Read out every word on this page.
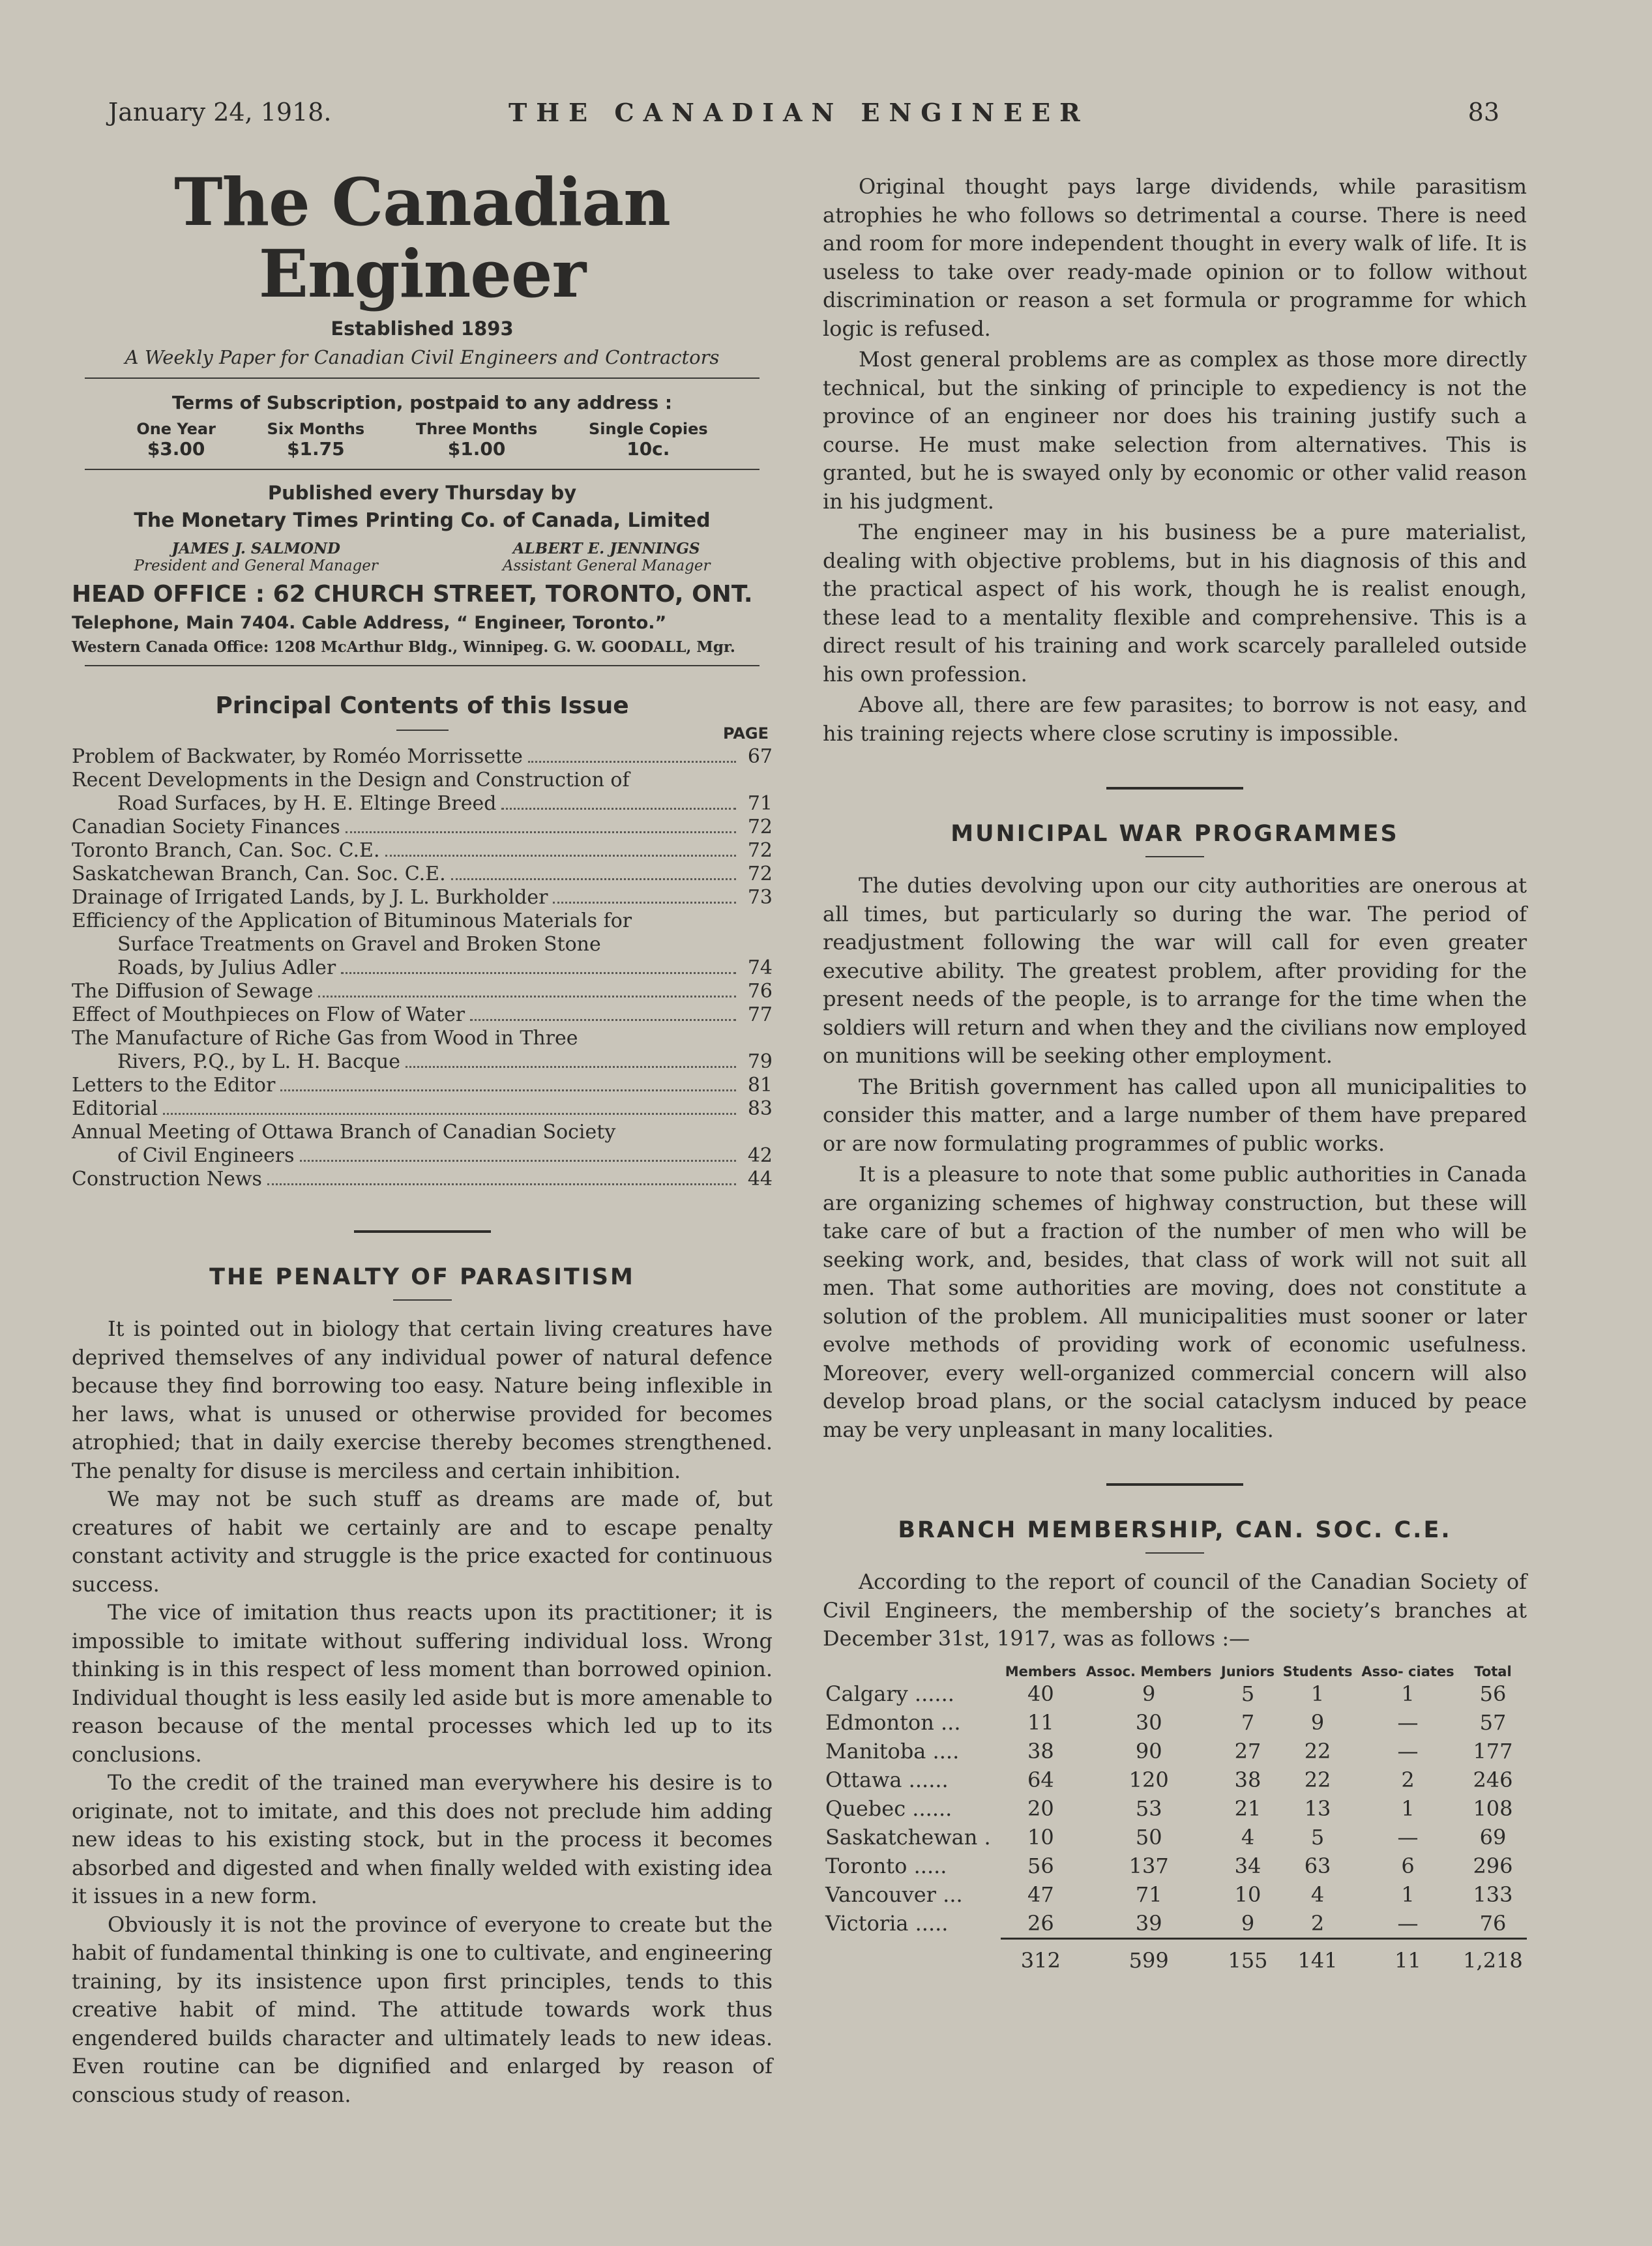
January 24, 1918.	THE CANADIAN ENGINEER	83
The Canadian Engineer
Established 1893
A Weekly Paper for Canadian Civil Engineers and Contractors
Terms of Subscription, postpaid to any address :
One Year
$3.00
Six Months
$1.75
Three Months
$1.00
Single Copies
10c.
Published every Thursday by
The Monetary Times Printing Co. of Canada, Limited
JAMES J. SALMOND
President and General Manager
ALBERT E. JENNINGS
Assistant General Manager
HEAD OFFICE : 62 CHURCH STREET, TORONTO, ONT.
Telephone, Main 7404. Cable Address, “ Engineer, Toronto.”
Western Canada Office: 1208 McArthur Bldg., Winnipeg. G. W. GOODALL, Mgr.
Principal Contents of this Issue
PAGE
Problem of Backwater, by Roméo Morrissette	67
Recent Developments in the Design and Construction of
Road Surfaces, by H. E. Eltinge Breed	71
Canadian Society Finances	72
Toronto Branch, Can. Soc. C.E.	72
Saskatchewan Branch, Can. Soc. C.E.	72
Drainage of Irrigated Lands, by J. L. Burkholder	73
Efficiency of the Application of Bituminous Materials for
Surface Treatments on Gravel and Broken Stone
Roads, by Julius Adler	74
The Diffusion of Sewage	76
Effect of Mouthpieces on Flow of Water	77
The Manufacture of Riche Gas from Wood in Three
Rivers, P.Q., by L. H. Bacque	79
Letters to the Editor	81
Editorial	83
Annual Meeting of Ottawa Branch of Canadian Society
of Civil Engineers	42
Construction News	44
THE PENALTY OF PARASITISM

It is pointed out in biology that certain living creatures have deprived themselves of any individual power of natural defence because they find borrowing too easy. Nature being inflexible in her laws, what is unused or otherwise provided for becomes atrophied; that in daily exercise thereby becomes strengthened. The penalty for disuse is merciless and certain inhibition.

We may not be such stuff as dreams are made of, but creatures of habit we certainly are and to escape penalty constant activity and struggle is the price exacted for continuous success.

The vice of imitation thus reacts upon its practitioner; it is impossible to imitate without suffering individual loss. Wrong thinking is in this respect of less moment than borrowed opinion. Individual thought is less easily led aside but is more amenable to reason because of the mental processes which led up to its conclusions.

To the credit of the trained man everywhere his desire is to originate, not to imitate, and this does not preclude him adding new ideas to his existing stock, but in the process it becomes absorbed and digested and when finally welded with existing idea it issues in a new form.

Obviously it is not the province of everyone to create but the habit of fundamental thinking is one to cultivate, and engineering training, by its insistence upon first principles, tends to this creative habit of mind. The attitude towards work thus engendered builds character and ultimately leads to new ideas. Even routine can be dignified and enlarged by reason of conscious study of reason.

Original thought pays large dividends, while parasitism atrophies he who follows so detrimental a course. There is need and room for more independent thought in every walk of life. It is useless to take over ready-made opinion or to follow without discrimination or reason a set formula or programme for which logic is refused.

Most general problems are as complex as those more directly technical, but the sinking of principle to expediency is not the province of an engineer nor does his training justify such a course. He must make selection from alternatives. This is granted, but he is swayed only by economic or other valid reason in his judgment.

The engineer may in his business be a pure materialist, dealing with objective problems, but in his diagnosis of this and the practical aspect of his work, though he is realist enough, these lead to a mentality flexible and comprehensive. This is a direct result of his training and work scarcely paralleled outside his own profession.

Above all, there are few parasites; to borrow is not easy, and his training rejects where close scrutiny is impossible.

MUNICIPAL WAR PROGRAMMES

The duties devolving upon our city authorities are onerous at all times, but particularly so during the war. The period of readjustment following the war will call for even greater executive ability. The greatest problem, after providing for the present needs of the people, is to arrange for the time when the soldiers will return and when they and the civilians now employed on munitions will be seeking other employment.

The British government has called upon all municipalities to consider this matter, and a large number of them have prepared or are now formulating programmes of public works.

It is a pleasure to note that some public authorities in Canada are organizing schemes of highway construction, but these will take care of but a fraction of the number of men who will be seeking work, and, besides, that class of work will not suit all men. That some authorities are moving, does not constitute a solution of the problem. All municipalities must sooner or later evolve methods of providing work of economic usefulness. Moreover, every well-organized commercial concern will also develop broad plans, or the social cataclysm induced by peace may be very unpleasant in many localities.

BRANCH MEMBERSHIP, CAN. SOC. C.E.

According to the report of council of the Canadian Society of Civil Engineers, the membership of the society’s branches at December 31st, 1917, was as follows :—

	Members	Assoc. Members	Juniors	Students	Asso- ciates	Total
Calgary ......	40	9	5	1	1	56
Edmonton ...	11	30	7	9	—	57
Manitoba ....	38	90	27	22	—	177
Ottawa ......	64	120	38	22	2	246
Quebec ......	20	53	21	13	1	108
Saskatchewan .	10	50	4	5	—	69
Toronto .....	56	137	34	63	6	296
Vancouver ...	47	71	10	4	1	133
Victoria .....	26	39	9	2	—	76
	312	599	155	141	11	1,218
